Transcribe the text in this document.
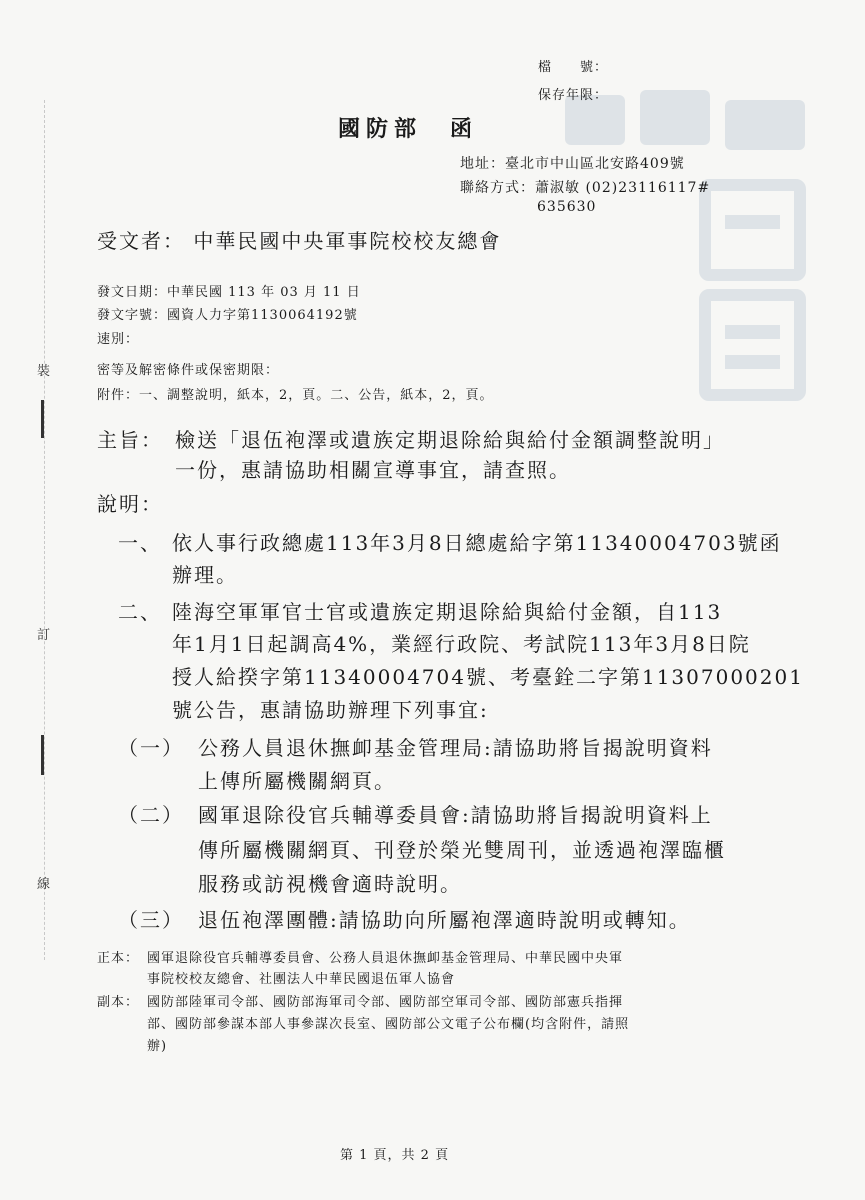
裝
訂
線
檔　　號：
保存年限：
國防部　函
地址：臺北市中山區北安路409號
聯絡方式：蕭淑敏 (02)23116117#
635630
受文者： 中華民國中央軍事院校校友總會
發文日期：中華民國 113 年 03 月 11 日
發文字號：國資人力字第1130064192號
速別：
密等及解密條件或保密期限：
附件：一、調整說明，紙本，2，頁。二、公告，紙本，2，頁。
主旨： 檢送「退伍袍澤或遺族定期退除給與給付金額調整說明」
一份，惠請協助相關宣導事宜，請查照。
說明：
一、 依人事行政總處113年3月8日總處給字第11340004703號函
辦理。
二、 陸海空軍軍官士官或遺族定期退除給與給付金額，自113
年1月1日起調高4%，業經行政院、考試院113年3月8日院
授人給揆字第11340004704號、考臺銓二字第11307000201
號公告，惠請協助辦理下列事宜:
（一） 公務人員退休撫卹基金管理局:請協助將旨揭說明資料
上傳所屬機關網頁。
（二） 國軍退除役官兵輔導委員會:請協助將旨揭說明資料上
傳所屬機關網頁、刊登於榮光雙周刊，並透過袍澤臨櫃
服務或訪視機會適時說明。
（三） 退伍袍澤團體:請協助向所屬袍澤適時說明或轉知。
正本： 國軍退除役官兵輔導委員會、公務人員退休撫卹基金管理局、中華民國中央軍
事院校校友總會、社團法人中華民國退伍軍人協會
副本： 國防部陸軍司令部、國防部海軍司令部、國防部空軍司令部、國防部憲兵指揮
部、國防部參謀本部人事參謀次長室、國防部公文電子公布欄(均含附件，請照
辦)
第 1 頁，共 2 頁
